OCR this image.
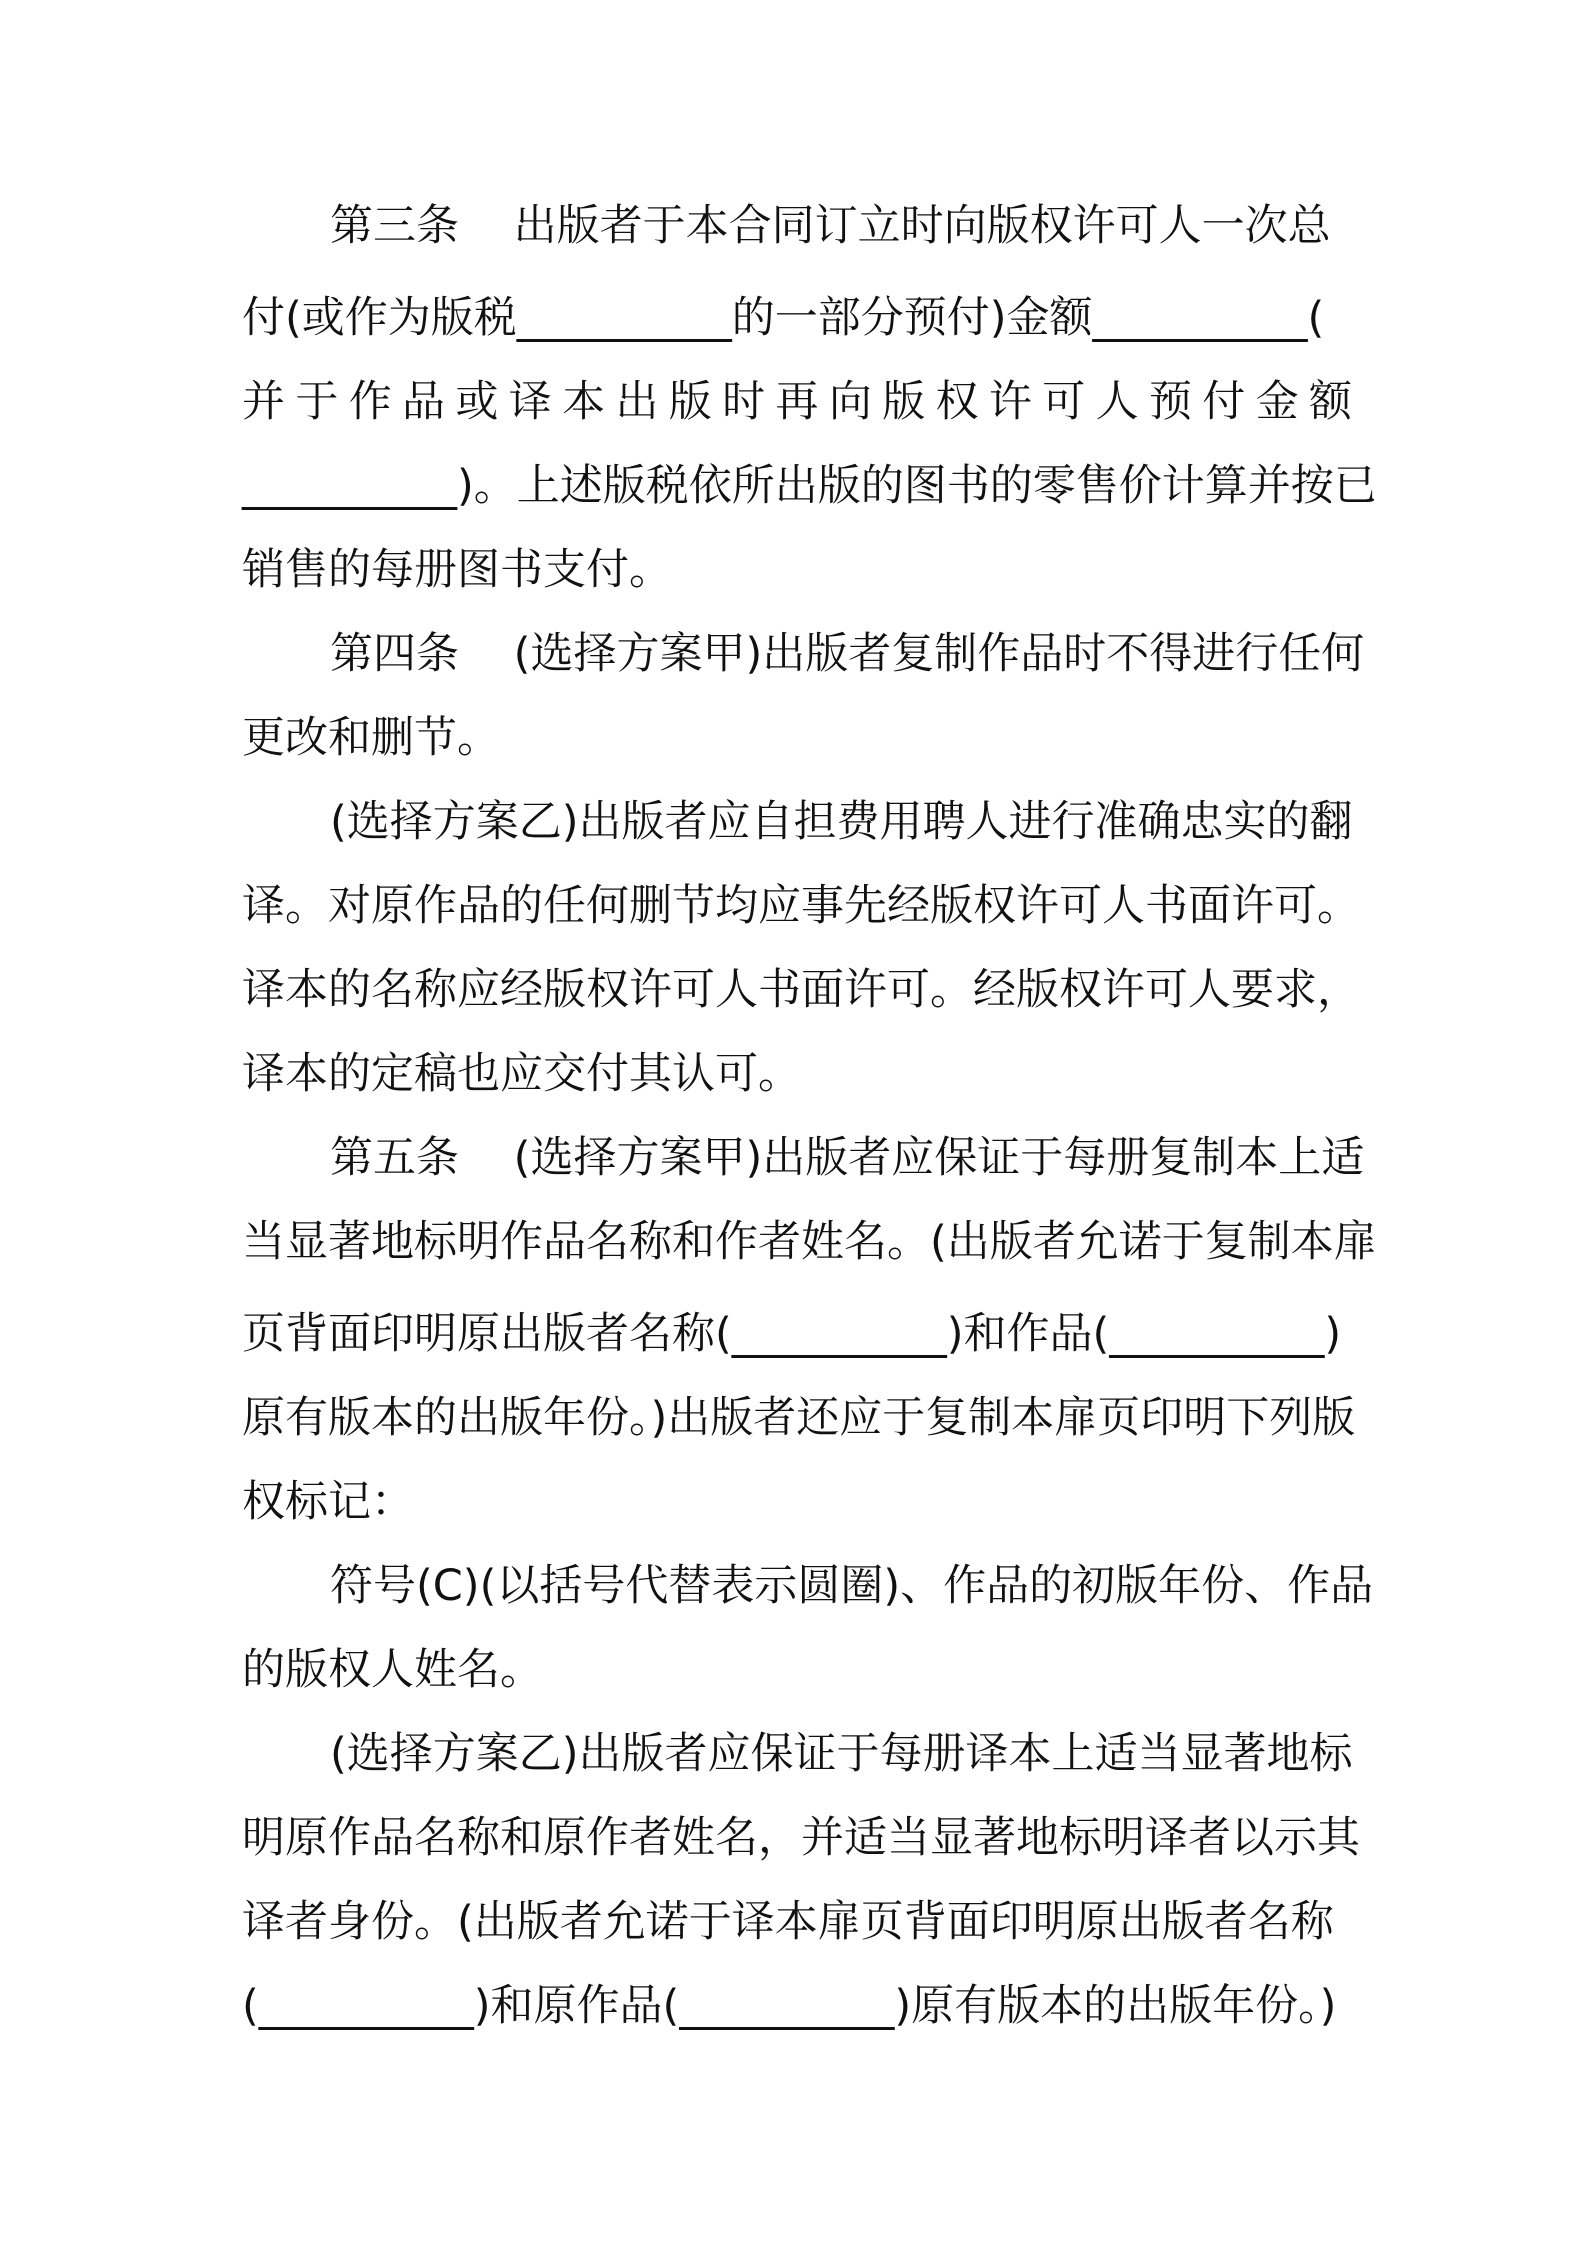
第三条    出版者于本合同订立时向版权许可人一次总
付(或作为版税__________的一部分预付)金额__________(
并于作品或译本出版时再向版权许可人预付金额
__________)。上述版税依所出版的图书的零售价计算并按已
销售的每册图书支付。
第四条    (选择方案甲)出版者复制作品时不得进行任何
更改和删节。
(选择方案乙)出版者应自担费用聘人进行准确忠实的翻
译。对原作品的任何删节均应事先经版权许可人书面许可。
译本的名称应经版权许可人书面许可。经版权许可人要求，
译本的定稿也应交付其认可。
第五条    (选择方案甲)出版者应保证于每册复制本上适
当显著地标明作品名称和作者姓名。(出版者允诺于复制本扉
页背面印明原出版者名称(__________)和作品(__________)
原有版本的出版年份。)出版者还应于复制本扉页印明下列版
权标记：
符号(C)(以括号代替表示圆圈)、作品的初版年份、作品
的版权人姓名。
(选择方案乙)出版者应保证于每册译本上适当显著地标
明原作品名称和原作者姓名，并适当显著地标明译者以示其
译者身份。(出版者允诺于译本扉页背面印明原出版者名称
(__________)和原作品(__________)原有版本的出版年份。)
